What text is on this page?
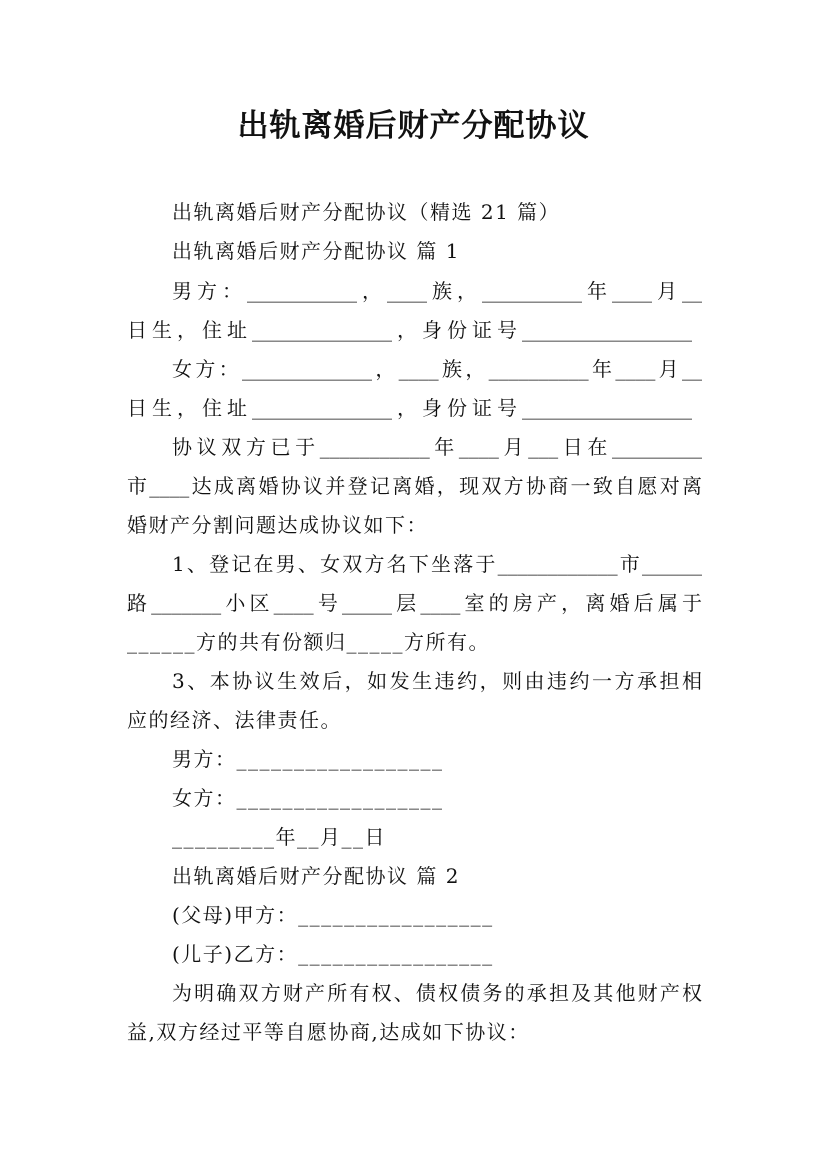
出轨离婚后财产分配协议
出轨离婚后财产分配协议（精选 21 篇）
出轨离婚后财产分配协议 篇 1
男方：___________，____族，__________年____月__
日生，住址______________，身份证号_________________
女方：_____________，____族，__________年____月__
日生，住址______________，身份证号_________________
协议双方已于___________年____月___日在_________
市____达成离婚协议并登记离婚，现双方协商一致自愿对离
婚财产分割问题达成协议如下：
1、登记在男、女双方名下坐落于____________市______
路_______小区____号_____层____室的房产，离婚后属于
______方的共有份额归_____方所有。
3、本协议生效后，如发生违约，则由违约一方承担相
应的经济、法律责任。
男方：__________________
女方：__________________
_________年__月__日
出轨离婚后财产分配协议 篇 2
(父母)甲方：_________________
(儿子)乙方：_________________
为明确双方财产所有权、债权债务的承担及其他财产权
益,双方经过平等自愿协商,达成如下协议：
